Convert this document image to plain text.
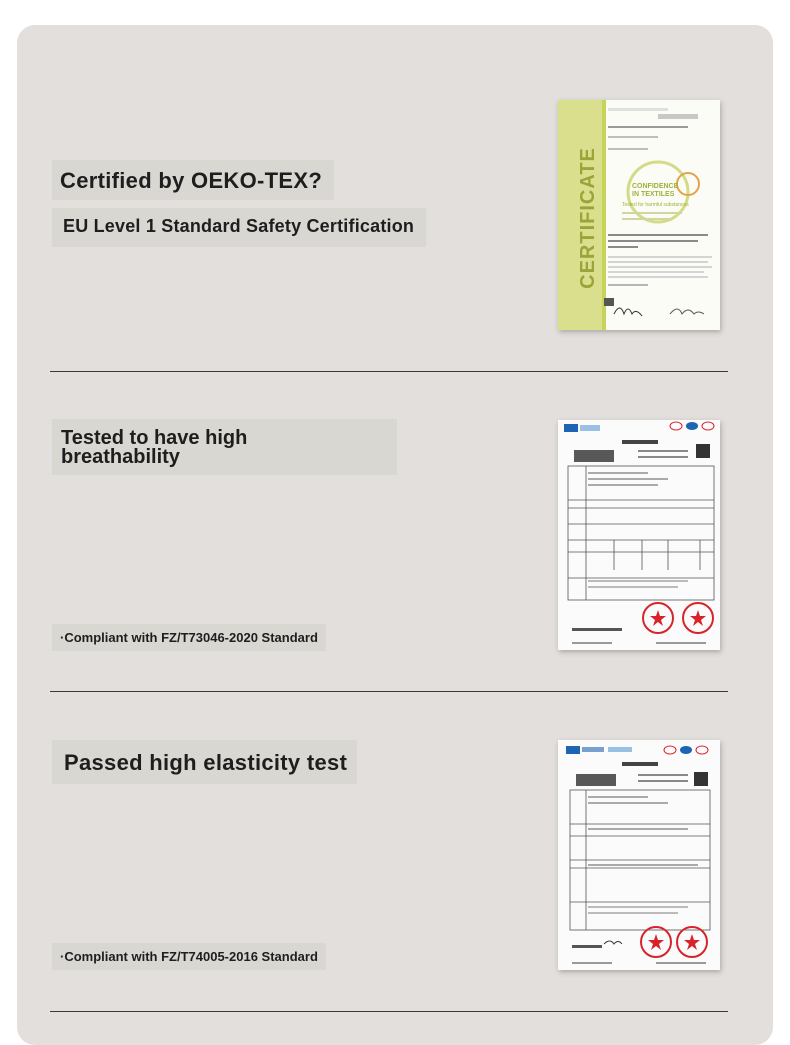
Certified by OEKO-TEX?
EU Level 1 Standard Safety Certification	CERTIFICATE	CONFIDENCE
IN TEXTILES
Tested for harmful substances
Tested to have high
breathability
·Compliant with FZ/T73046-2020 Standard
Passed high elasticity test
·Compliant with FZ/T74005-2016 Standard
